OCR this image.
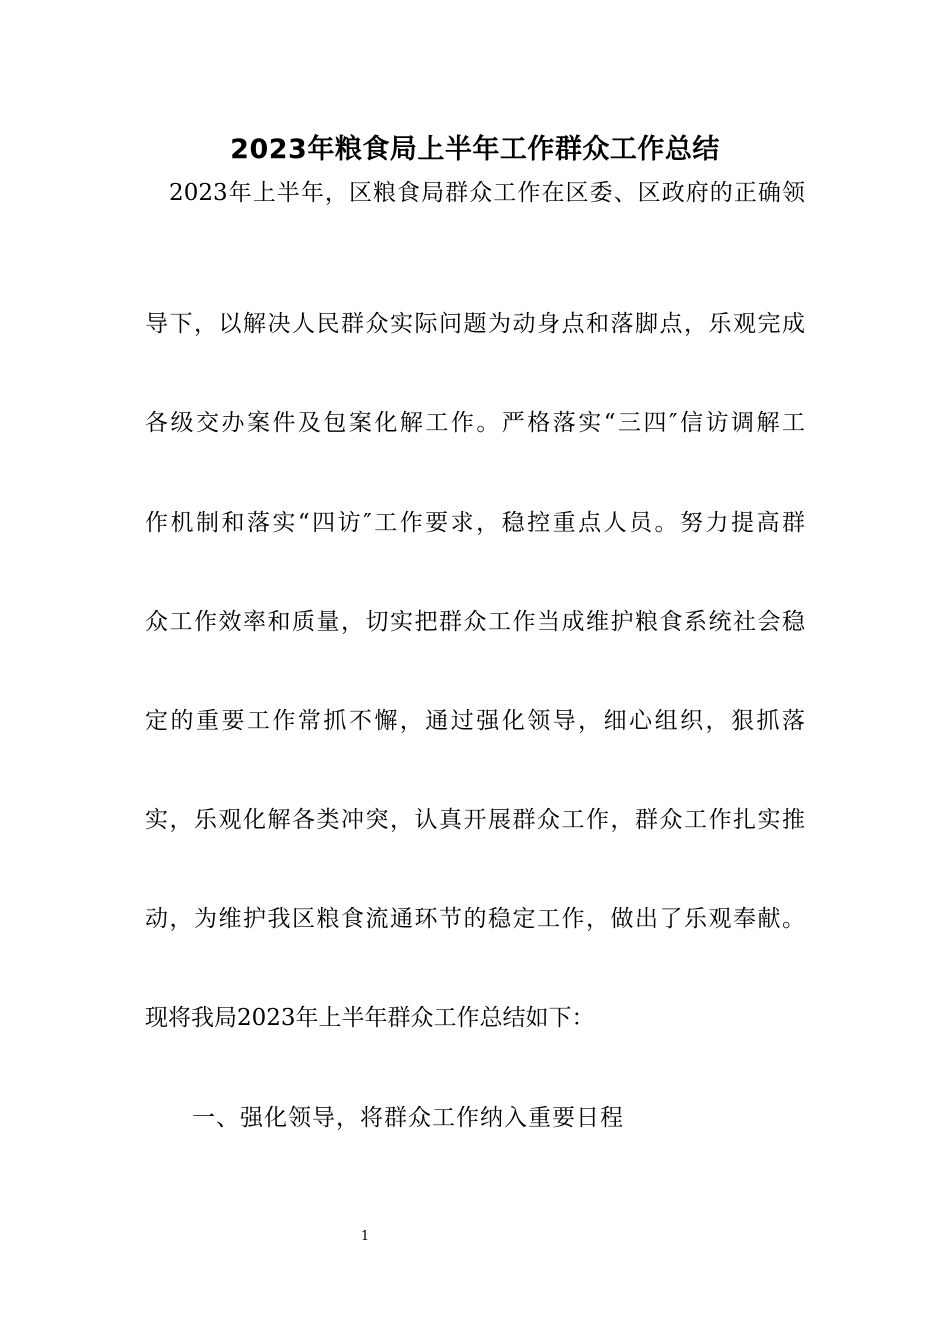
2023年粮食局上半年工作群众工作总结
　2023年上半年，区粮食局群众工作在区委、区政府的正确领
导下，以解决人民群众实际问题为动身点和落脚点，乐观完成
各级交办案件及包案化解工作。严格落实“三四″信访调解工
作机制和落实“四访″工作要求，稳控重点人员。努力提高群
众工作效率和质量，切实把群众工作当成维护粮食系统社会稳
定的重要工作常抓不懈，通过强化领导，细心组织，狠抓落
实，乐观化解各类冲突，认真开展群众工作，群众工作扎实推
动，为维护我区粮食流通环节的稳定工作，做出了乐观奉献。
现将我局2023年上半年群众工作总结如下：
一、强化领导，将群众工作纳入重要日程
1
